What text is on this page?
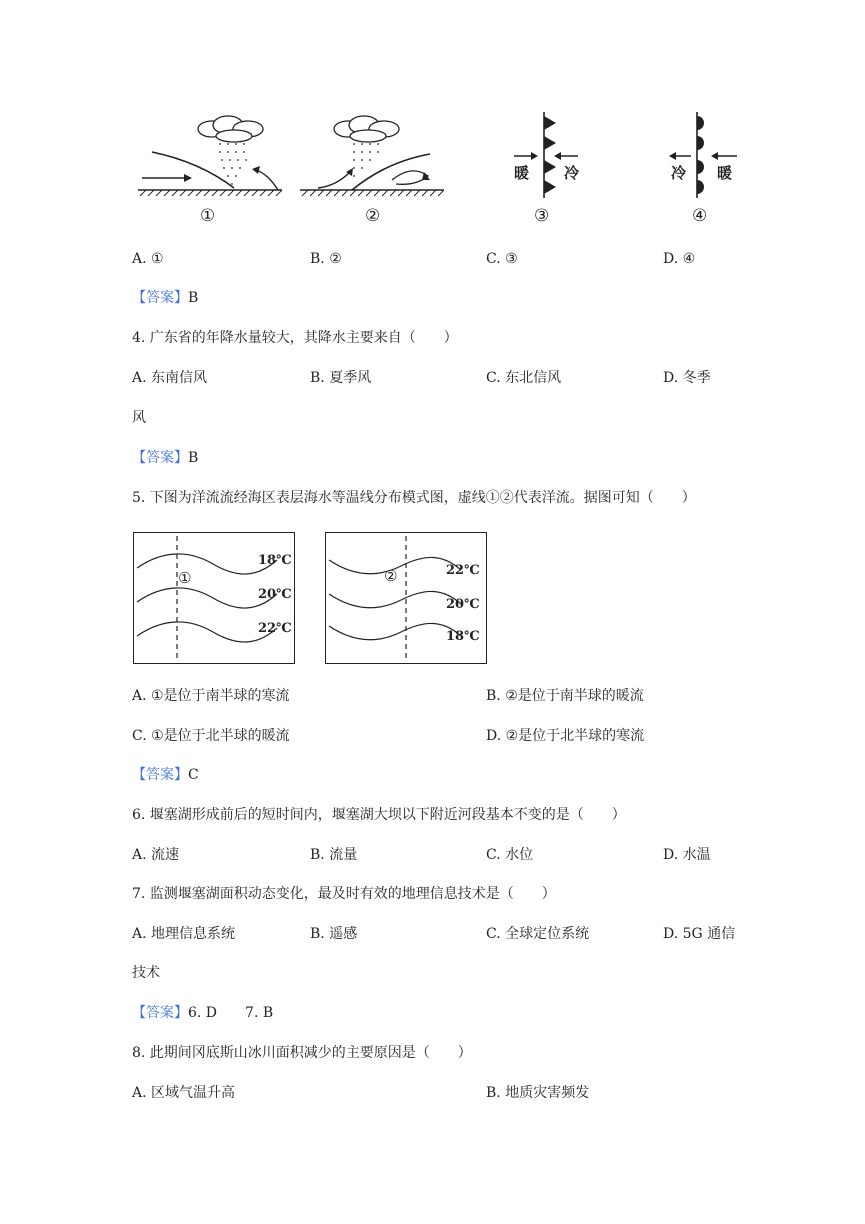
①	②
暖 冷
③
冷 暖
④
A. ①	B. ②	C. ③	D. ④
【答案】B
4. 广东省的年降水量较大，其降水主要来自（　　）
A. 东南信风	B. 夏季风	C. 东北信风	D. 冬季
风
【答案】B
5. 下图为洋流流经海区表层海水等温线分布模式图，虚线①②代表洋流。据图可知（　　）
①
18℃
20℃
22℃
②	22℃
20℃
18℃
A. ①是位于南半球的寒流	B. ②是位于南半球的暖流
C. ①是位于北半球的暖流	D. ②是位于北半球的寒流
【答案】C
6. 堰塞湖形成前后的短时间内，堰塞湖大坝以下附近河段基本不变的是（　　）
A. 流速	B. 流量	C. 水位	D. 水温
7. 监测堰塞湖面积动态变化，最及时有效的地理信息技术是（　　）
A. 地理信息系统	B. 遥感	C. 全球定位系统	D. 5G 通信
技术
【答案】6. D　　7. B
8. 此期间冈底斯山冰川面积减少的主要原因是（　　）
A. 区域气温升高	B. 地质灾害频发
